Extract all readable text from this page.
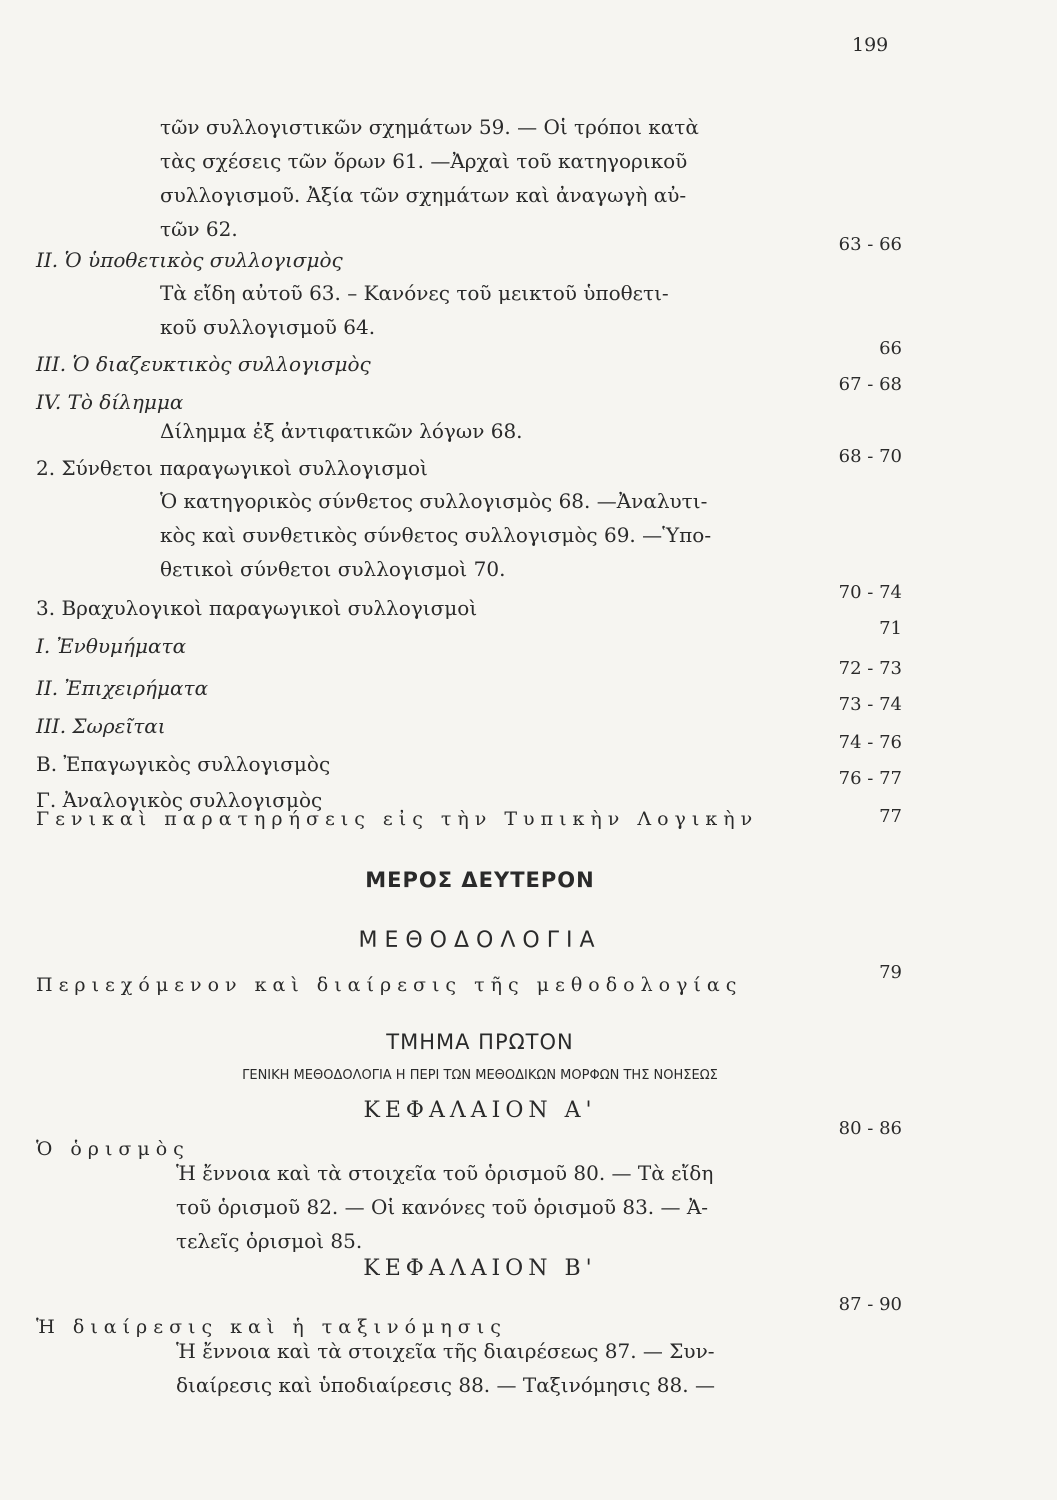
199
τῶν συλλογιστικῶν σχημάτων 59. — Οἱ τρόποι κατὰ
τὰς σχέσεις τῶν ὅρων 61. —Ἀρχαὶ τοῦ κατηγορικοῦ
συλλογισμοῦ. Ἀξία τῶν σχημάτων καὶ ἀναγωγὴ αὐ-
τῶν 62.
ΙΙ. Ὁ ὑποθετικὸς συλλογισμὸς
63 - 66
Τὰ εἴδη αὐτοῦ 63. – Κανόνες τοῦ μεικτοῦ ὑποθετι-
κοῦ συλλογισμοῦ 64.
ΙΙΙ. Ὁ διαζευκτικὸς συλλογισμὸς
66
ΙV. Τὸ δίλημμα
67 - 68
Δίλημμα ἐξ ἀντιφατικῶν λόγων 68.
2. Σύνθετοι παραγωγικοὶ συλλογισμοὶ	68 - 70
Ὁ κατηγορικὸς σύνθετος συλλογισμὸς 68. —Ἀναλυτι-
κὸς καὶ συνθετικὸς σύνθετος συλλογισμὸς 69. —Ὑπο-
θετικοὶ σύνθετοι συλλογισμοὶ 70.
3. Βραχυλογικοὶ παραγωγικοὶ συλλογισμοὶ
70 - 74
Ι. Ἐνθυμήματα
71
ΙΙ. Ἐπιχειρήματα
72 - 73
ΙΙΙ. Σωρεῖται
73 - 74
Β. Ἐπαγωγικὸς συλλογισμὸς
74 - 76
Γ. Ἀναλογικὸς συλλογισμὸς
76 - 77
Γενικαὶ παρατηρήσεις εἰς τὴν Τυπικὴν Λογικὴν	77
ΜΕΡΟΣ ΔΕΥΤΕΡΟΝ
ΜΕΘΟΔΟΛΟΓΙΑ
Περιεχόμενον καὶ διαίρεσις τῆς μεθοδολογίας
79
ΤΜΗΜΑ ΠΡΩΤΟΝ
ΓΕΝΙΚΗ ΜΕΘΟΔΟΛΟΓΙΑ Η ΠΕΡΙ ΤΩΝ ΜΕΘΟΔΙΚΩΝ ΜΟΡΦΩΝ ΤΗΣ ΝΟΗΣΕΩΣ
ΚΕΦΑΛΑΙΟΝ Α'
Ὁ ὁρισμὸς
80 - 86
Ἡ ἔννοια καὶ τὰ στοιχεῖα τοῦ ὁρισμοῦ 80. — Τὰ εἴδη
τοῦ ὁρισμοῦ 82. — Οἱ κανόνες τοῦ ὁρισμοῦ 83. — Ἀ-
τελεῖς ὁρισμοὶ 85.
ΚΕΦΑΛΑΙΟΝ Β'
Ἡ διαίρεσις καὶ ἡ ταξινόμησις
87 - 90
Ἡ ἔννοια καὶ τὰ στοιχεῖα τῆς διαιρέσεως 87. — Συν-
διαίρεσις καὶ ὑποδιαίρεσις 88. — Ταξινόμησις 88. —
